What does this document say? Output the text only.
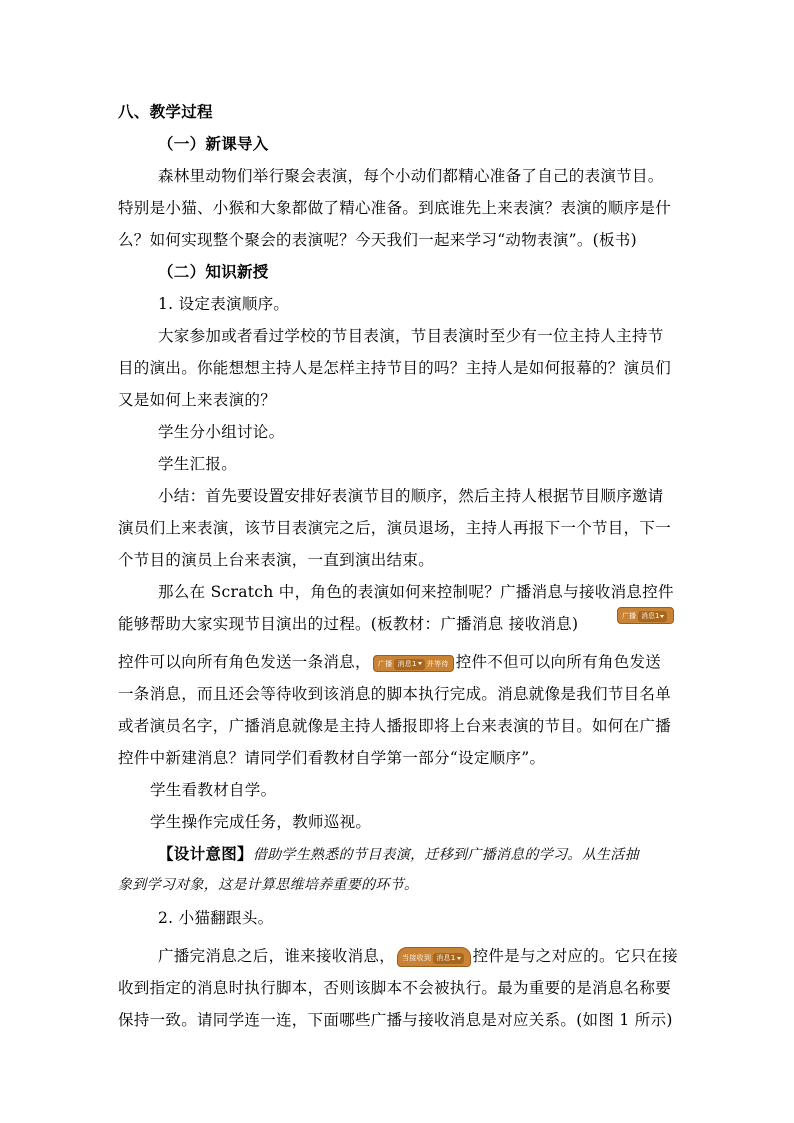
八、教学过程
（一）新课导入
森林里动物们举行聚会表演，每个小动们都精心准备了自己的表演节目。
特别是小猫、小猴和大象都做了精心准备。到底谁先上来表演？表演的顺序是什
么？如何实现整个聚会的表演呢？今天我们一起来学习“动物表演”。(板书)
（二）知识新授
1. 设定表演顺序。
大家参加或者看过学校的节目表演，节目表演时至少有一位主持人主持节
目的演出。你能想想主持人是怎样主持节目的吗？主持人是如何报幕的？演员们
又是如何上来表演的？
学生分小组讨论。
学生汇报。
小结：首先要设置安排好表演节目的顺序，然后主持人根据节目顺序邀请
演员们上来表演，该节目表演完之后，演员退场，主持人再报下一个节目，下一
个节目的演员上台来表演，一直到演出结束。
那么在 Scratch 中，角色的表演如何来控制呢？广播消息与接收消息控件
能够帮助大家实现节目演出的过程。(板教材：广播消息 接收消息)	广播 消息1
控件可以向所有角色发送一条消息， 广播 消息1 并等待 控件不但可以向所有角色发送
一条消息，而且还会等待收到该消息的脚本执行完成。消息就像是我们节目名单
或者演员名字，广播消息就像是主持人播报即将上台来表演的节目。如何在广播
控件中新建消息？请同学们看教材自学第一部分“设定顺序”。
学生看教材自学。
学生操作完成任务，教师巡视。
【设计意图】借助学生熟悉的节目表演，迁移到广播消息的学习。从生活抽
象到学习对象，这是计算思维培养重要的环节。
2. 小猫翻跟头。
广播完消息之后，谁来接收消息， 当接收到 消息1 控件是与之对应的。它只在接
收到指定的消息时执行脚本，否则该脚本不会被执行。最为重要的是消息名称要
保持一致。请同学连一连，下面哪些广播与接收消息是对应关系。(如图 1 所示)
